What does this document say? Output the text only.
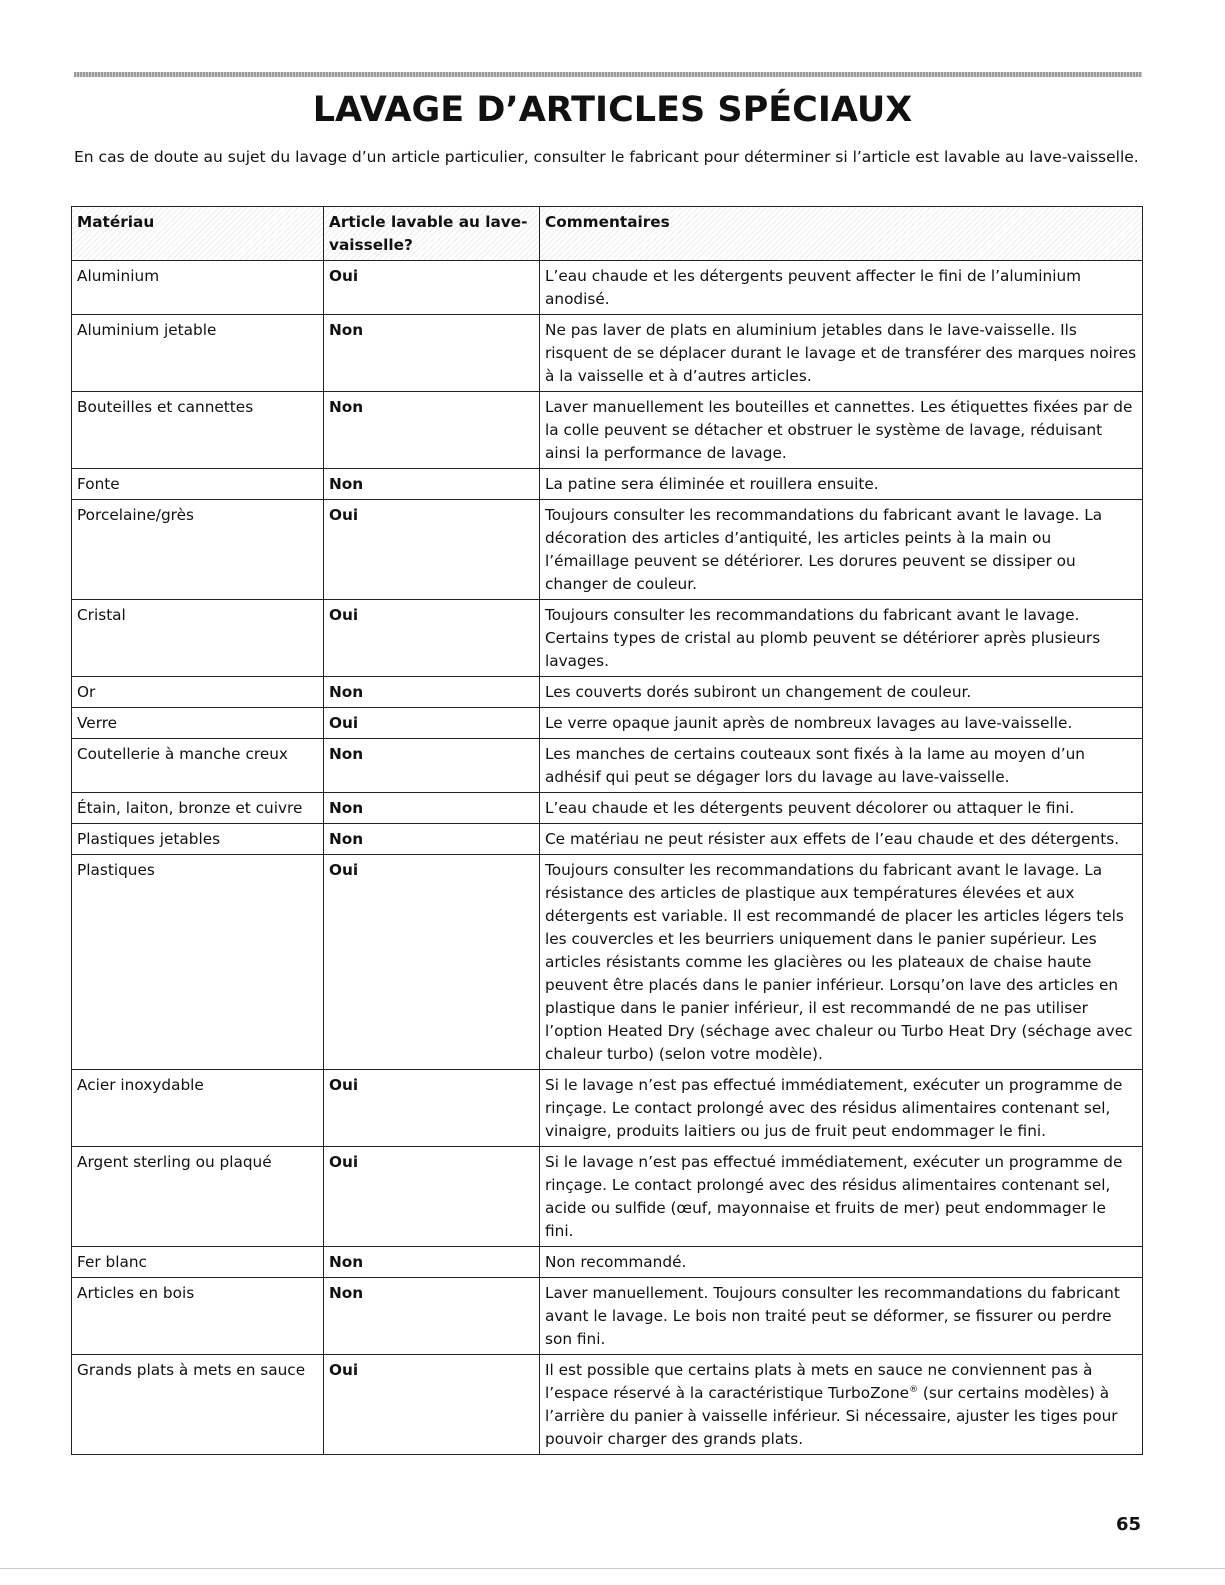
LAVAGE D’ARTICLES SPÉCIAUX

En cas de doute au sujet du lavage d’un article particulier, consulter le fabricant pour déterminer si l’article est lavable au lave-vaisselle.

Matériau	Article lavable au lave-vaisselle?	Commentaires
Aluminium	Oui	L’eau chaude et les détergents peuvent affecter le fini de l’aluminium anodisé.
Aluminium jetable	Non	Ne pas laver de plats en aluminium jetables dans le lave-vaisselle. Ils risquent de se déplacer durant le lavage et de transférer des marques noires à la vaisselle et à d’autres articles.
Bouteilles et cannettes	Non	Laver manuellement les bouteilles et cannettes. Les étiquettes fixées par de la colle peuvent se détacher et obstruer le système de lavage, réduisant ainsi la performance de lavage.
Fonte	Non	La patine sera éliminée et rouillera ensuite.
Porcelaine/grès	Oui	Toujours consulter les recommandations du fabricant avant le lavage. La décoration des articles d’antiquité, les articles peints à la main ou l’émaillage peuvent se détériorer. Les dorures peuvent se dissiper ou changer de couleur.
Cristal	Oui	Toujours consulter les recommandations du fabricant avant le lavage. Certains types de cristal au plomb peuvent se détériorer après plusieurs lavages.
Or	Non	Les couverts dorés subiront un changement de couleur.
Verre	Oui	Le verre opaque jaunit après de nombreux lavages au lave-vaisselle.
Coutellerie à manche creux	Non	Les manches de certains couteaux sont fixés à la lame au moyen d’un adhésif qui peut se dégager lors du lavage au lave-vaisselle.
Étain, laiton, bronze et cuivre	Non	L’eau chaude et les détergents peuvent décolorer ou attaquer le fini.
Plastiques jetables	Non	Ce matériau ne peut résister aux effets de l’eau chaude et des détergents.
Plastiques	Oui	Toujours consulter les recommandations du fabricant avant le lavage. La résistance des articles de plastique aux températures élevées et aux détergents est variable. Il est recommandé de placer les articles légers tels les couvercles et les beurriers uniquement dans le panier supérieur. Les articles résistants comme les glacières ou les plateaux de chaise haute peuvent être placés dans le panier inférieur. Lorsqu’on lave des articles en plastique dans le panier inférieur, il est recommandé de ne pas utiliser l’option Heated Dry (séchage avec chaleur ou Turbo Heat Dry (séchage avec chaleur turbo) (selon votre modèle).
Acier inoxydable	Oui	Si le lavage n’est pas effectué immédiatement, exécuter un programme de rinçage. Le contact prolongé avec des résidus alimentaires contenant sel, vinaigre, produits laitiers ou jus de fruit peut endommager le fini.
Argent sterling ou plaqué	Oui	Si le lavage n’est pas effectué immédiatement, exécuter un programme de rinçage. Le contact prolongé avec des résidus alimentaires contenant sel, acide ou sulfide (œuf, mayonnaise et fruits de mer) peut endommager le fini.
Fer blanc	Non	Non recommandé.
Articles en bois	Non	Laver manuellement. Toujours consulter les recommandations du fabricant avant le lavage. Le bois non traité peut se déformer, se fissurer ou perdre son fini.
Grands plats à mets en sauce	Oui	Il est possible que certains plats à mets en sauce ne conviennent pas à l’espace réservé à la caractéristique TurboZone® (sur certains modèles) à l’arrière du panier à vaisselle inférieur. Si nécessaire, ajuster les tiges pour pouvoir charger des grands plats.
65
